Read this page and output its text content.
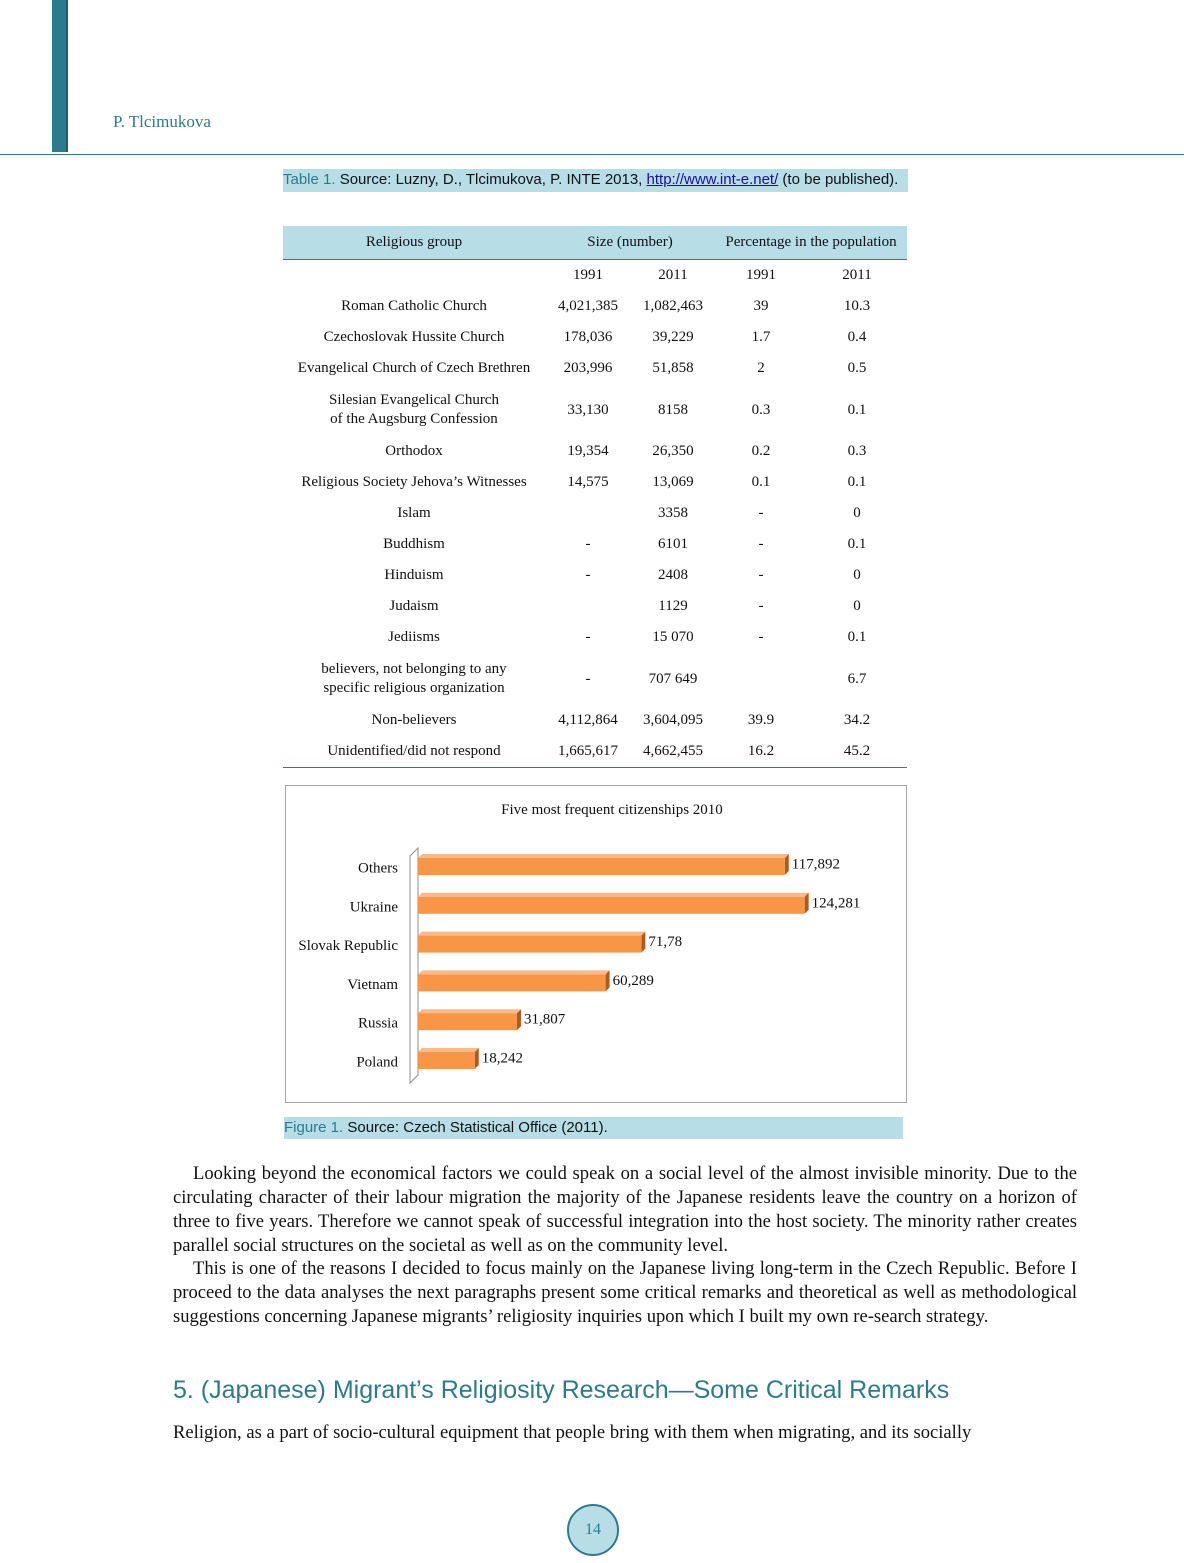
P. Tlcimukova
Table 1. Source: Luzny, D., Tlcimukova, P. INTE 2013, http://www.int-e.net/ (to be published).
Religious group	Size (number)		Percentage in the population	
	1991	2011	1991	2011
Roman Catholic Church	4,021,385	1,082,463	39	10.3
Czechoslovak Hussite Church	178,036	39,229	1.7	0.4
Evangelical Church of Czech Brethren	203,996	51,858	2	0.5
Silesian Evangelical Church
of the Augsburg Confession	33,130	8158	0.3	0.1
Orthodox	19,354	26,350	0.2	0.3
Religious Society Jehova’s Witnesses	14,575	13,069	0.1	0.1
Islam		3358	-	0
Buddhism	-	6101	-	0.1
Hinduism	-	2408	-	0
Judaism		1129	-	0
Jediisms	-	15 070	-	0.1
believers, not belonging to any
specific religious organization	-	707 649		6.7
Non-believers	4,112,864	3,604,095	39.9	34.2
Unidentified/did not respond	1,665,617	4,662,455	16.2	45.2
Five most frequent citizenships 2010
Others	117,892
Ukraine	124,281
Slovak Republic	71,78
Vietnam	60,289
Russia	31,807
Poland	18,242
Figure 1. Source: Czech Statistical Office (2011).

Looking beyond the economical factors we could speak on a social level of the almost invisible minority. Due to the circulating character of their labour migration the majority of the Japanese residents leave the country on a horizon of three to five years. Therefore we cannot speak of successful integration into the host society. The minority rather creates parallel social structures on the societal as well as on the community level.

This is one of the reasons I decided to focus mainly on the Japanese living long-term in the Czech Republic. Before I proceed to the data analyses the next paragraphs present some critical remarks and theoretical as well as methodological suggestions concerning Japanese migrants’ religiosity inquiries upon which I built my own re-search strategy.

5. (Japanese) Migrant’s Religiosity Research—Some Critical Remarks

Religion, as a part of socio-cultural equipment that people bring with them when migrating, and its socially

14
